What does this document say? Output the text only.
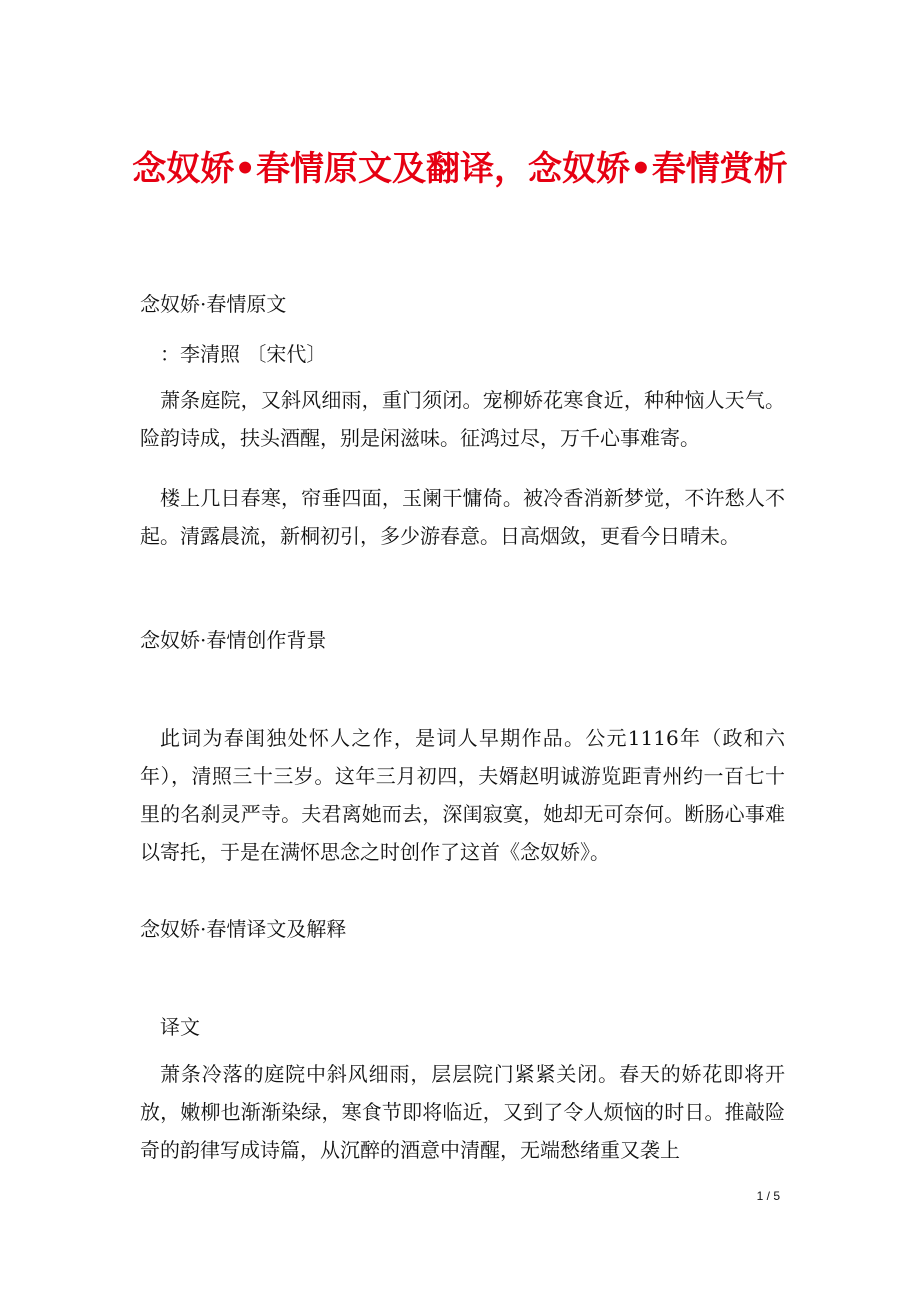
念奴娇•春情原文及翻译，念奴娇•春情赏析
念奴娇·春情原文
：李清照 〔宋代〕

萧条庭院，又斜风细雨，重门须闭。宠柳娇花寒食近，种种恼人天气。险韵诗成，扶头酒醒，别是闲滋味。征鸿过尽，万千心事难寄。

楼上几日春寒，帘垂四面，玉阑干慵倚。被冷香消新梦觉，不许愁人不起。清露晨流，新桐初引，多少游春意。日高烟敛，更看今日晴未。

念奴娇·春情创作背景

此词为春闺独处怀人之作，是词人早期作品。公元1116年（政和六年），清照三十三岁。这年三月初四，夫婿赵明诚游览距青州约一百七十里的名刹灵严寺。夫君离她而去，深闺寂寞，她却无可奈何。断肠心事难以寄托，于是在满怀思念之时创作了这首《念奴娇》。

念奴娇·春情译文及解释
译文

萧条冷落的庭院中斜风细雨，层层院门紧紧关闭。春天的娇花即将开放，嫩柳也渐渐染绿，寒食节即将临近，又到了令人烦恼的时日。推敲险奇的韵律写成诗篇，从沉醉的酒意中清醒，无端愁绪重又袭上

1 / 5
